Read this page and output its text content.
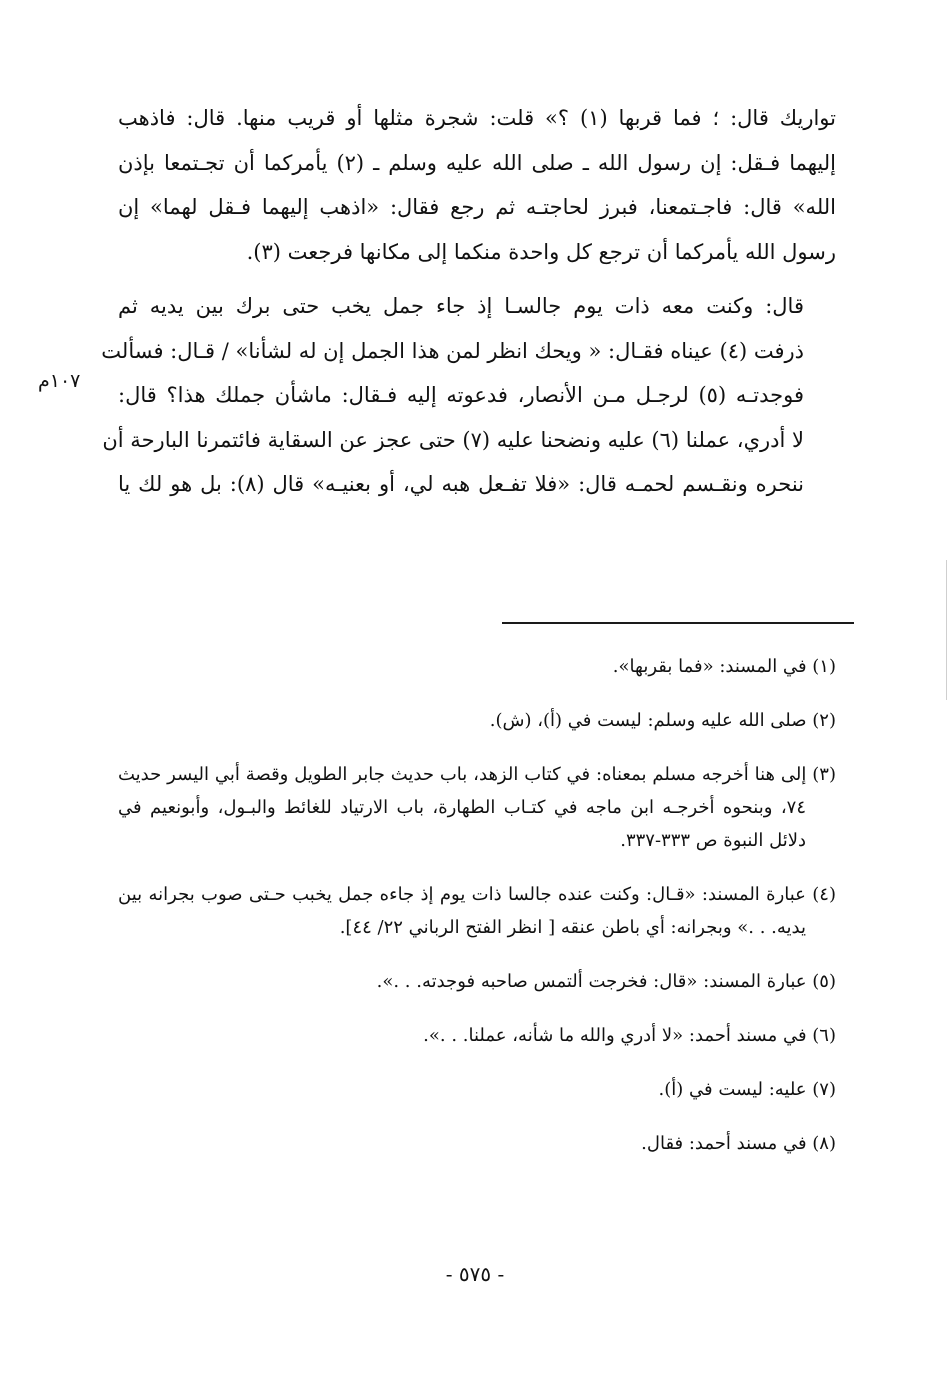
تواريك قال: ؛ فما قربها (١) ؟» قلت: شجرة مثلها أو قريب منها. قال: فاذهب
إليهما فـقل: إن رسول الله ـ صلى الله عليه وسلم ـ (٢) يأمركما أن تجـتمعا بإذن
الله» قال: فاجـتمعنا، فبرز لحاجتـه ثم رجع فقال: «اذهب إليهما فـقل لهما» إن
رسول الله يأمركما أن ترجع كل واحدة منكما إلى مكانها فرجعت (٣).
قال: وكنت معه ذات يوم جالسـا إذ جاء جمل يخب حتى برك بين يديه ثم
ذرفت (٤) عيناه فقـال: « ويحك انظر لمن هذا الجمل إن له لشأنا» / قـال: فسألت
فوجدتـه (٥) لرجـل مـن الأنصار، فدعوته إليه فـقال: ماشأن جملك هذا؟ قال:
لا أدري، عملنا (٦) عليه ونضحنا عليه (٧) حتى عجز عن السقاية فائتمرنا البارحة أن
ننحره ونقـسم لحمـه قال: «فلا تفـعل هبه لي، أو بعنيـه» قال (٨): بل هو لك يا
١٠٧م

(١) في المسند: «فما بقربها».

(٢) صلى الله عليه وسلم: ليست في (أ)، (ش).

(٣) إلى هنا أخرجه مسلم بمعناه: في كتاب الزهد، باب حديث جابر الطويل وقصة أبي اليسر حديث
٧٤، وبنحوه أخرجـه ابن ماجه في كتـاب الطهارة، باب الارتياد للغائط والبـول، وأبونعيم في
دلائل النبوة ص ٣٣٣-٣٣٧.

(٤) عبارة المسند: «قـال: وكنت عنده جالسا ذات يوم إذ جاءه جمل يخبب حـتى صوب بجرانه بين
يديه. . .» وبجرانه: أي باطن عنقه [ انظر الفتح الرباني ٢٢/ ٤٤].

(٥) عبارة المسند: «قال: فخرجت ألتمس صاحبه فوجدته. . .».

(٦) في مسند أحمد: «لا أدري والله ما شأنه، عملنا. . .».

(٧) عليه: ليست في (أ).

(٨) في مسند أحمد: فقال.

- ٥٧٥ -
